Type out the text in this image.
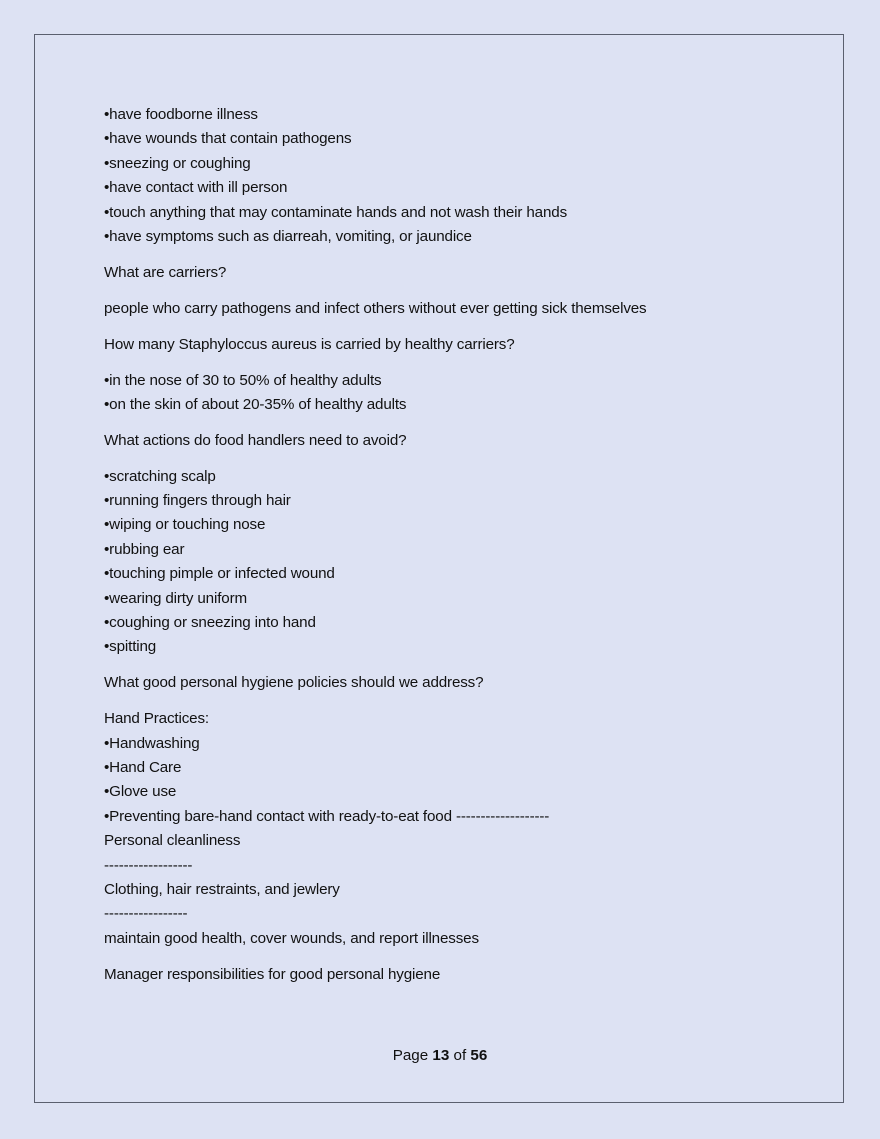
•have foodborne illness
•have wounds that contain pathogens
•sneezing or coughing
•have contact with ill person
•touch anything that may contaminate hands and not wash their hands
•have symptoms such as diarreah, vomiting, or jaundice
What are carriers?
people who carry pathogens and infect others without ever getting sick themselves
How many Staphyloccus aureus is carried by healthy carriers?
•in the nose of 30 to 50% of healthy adults
•on the skin of about 20-35% of healthy adults
What actions do food handlers need to avoid?
•scratching scalp
•running fingers through hair
•wiping or touching nose
•rubbing ear
•touching pimple or infected wound
•wearing dirty uniform
•coughing or sneezing into hand
•spitting
What good personal hygiene policies should we address?
Hand Practices:
•Handwashing
•Hand Care
•Glove use
•Preventing bare-hand contact with ready-to-eat food -------------------
Personal cleanliness
------------------
Clothing, hair restraints, and jewlery
-----------------
maintain good health, cover wounds, and report illnesses
Manager responsibilities for good personal hygiene
Page 13 of 56
